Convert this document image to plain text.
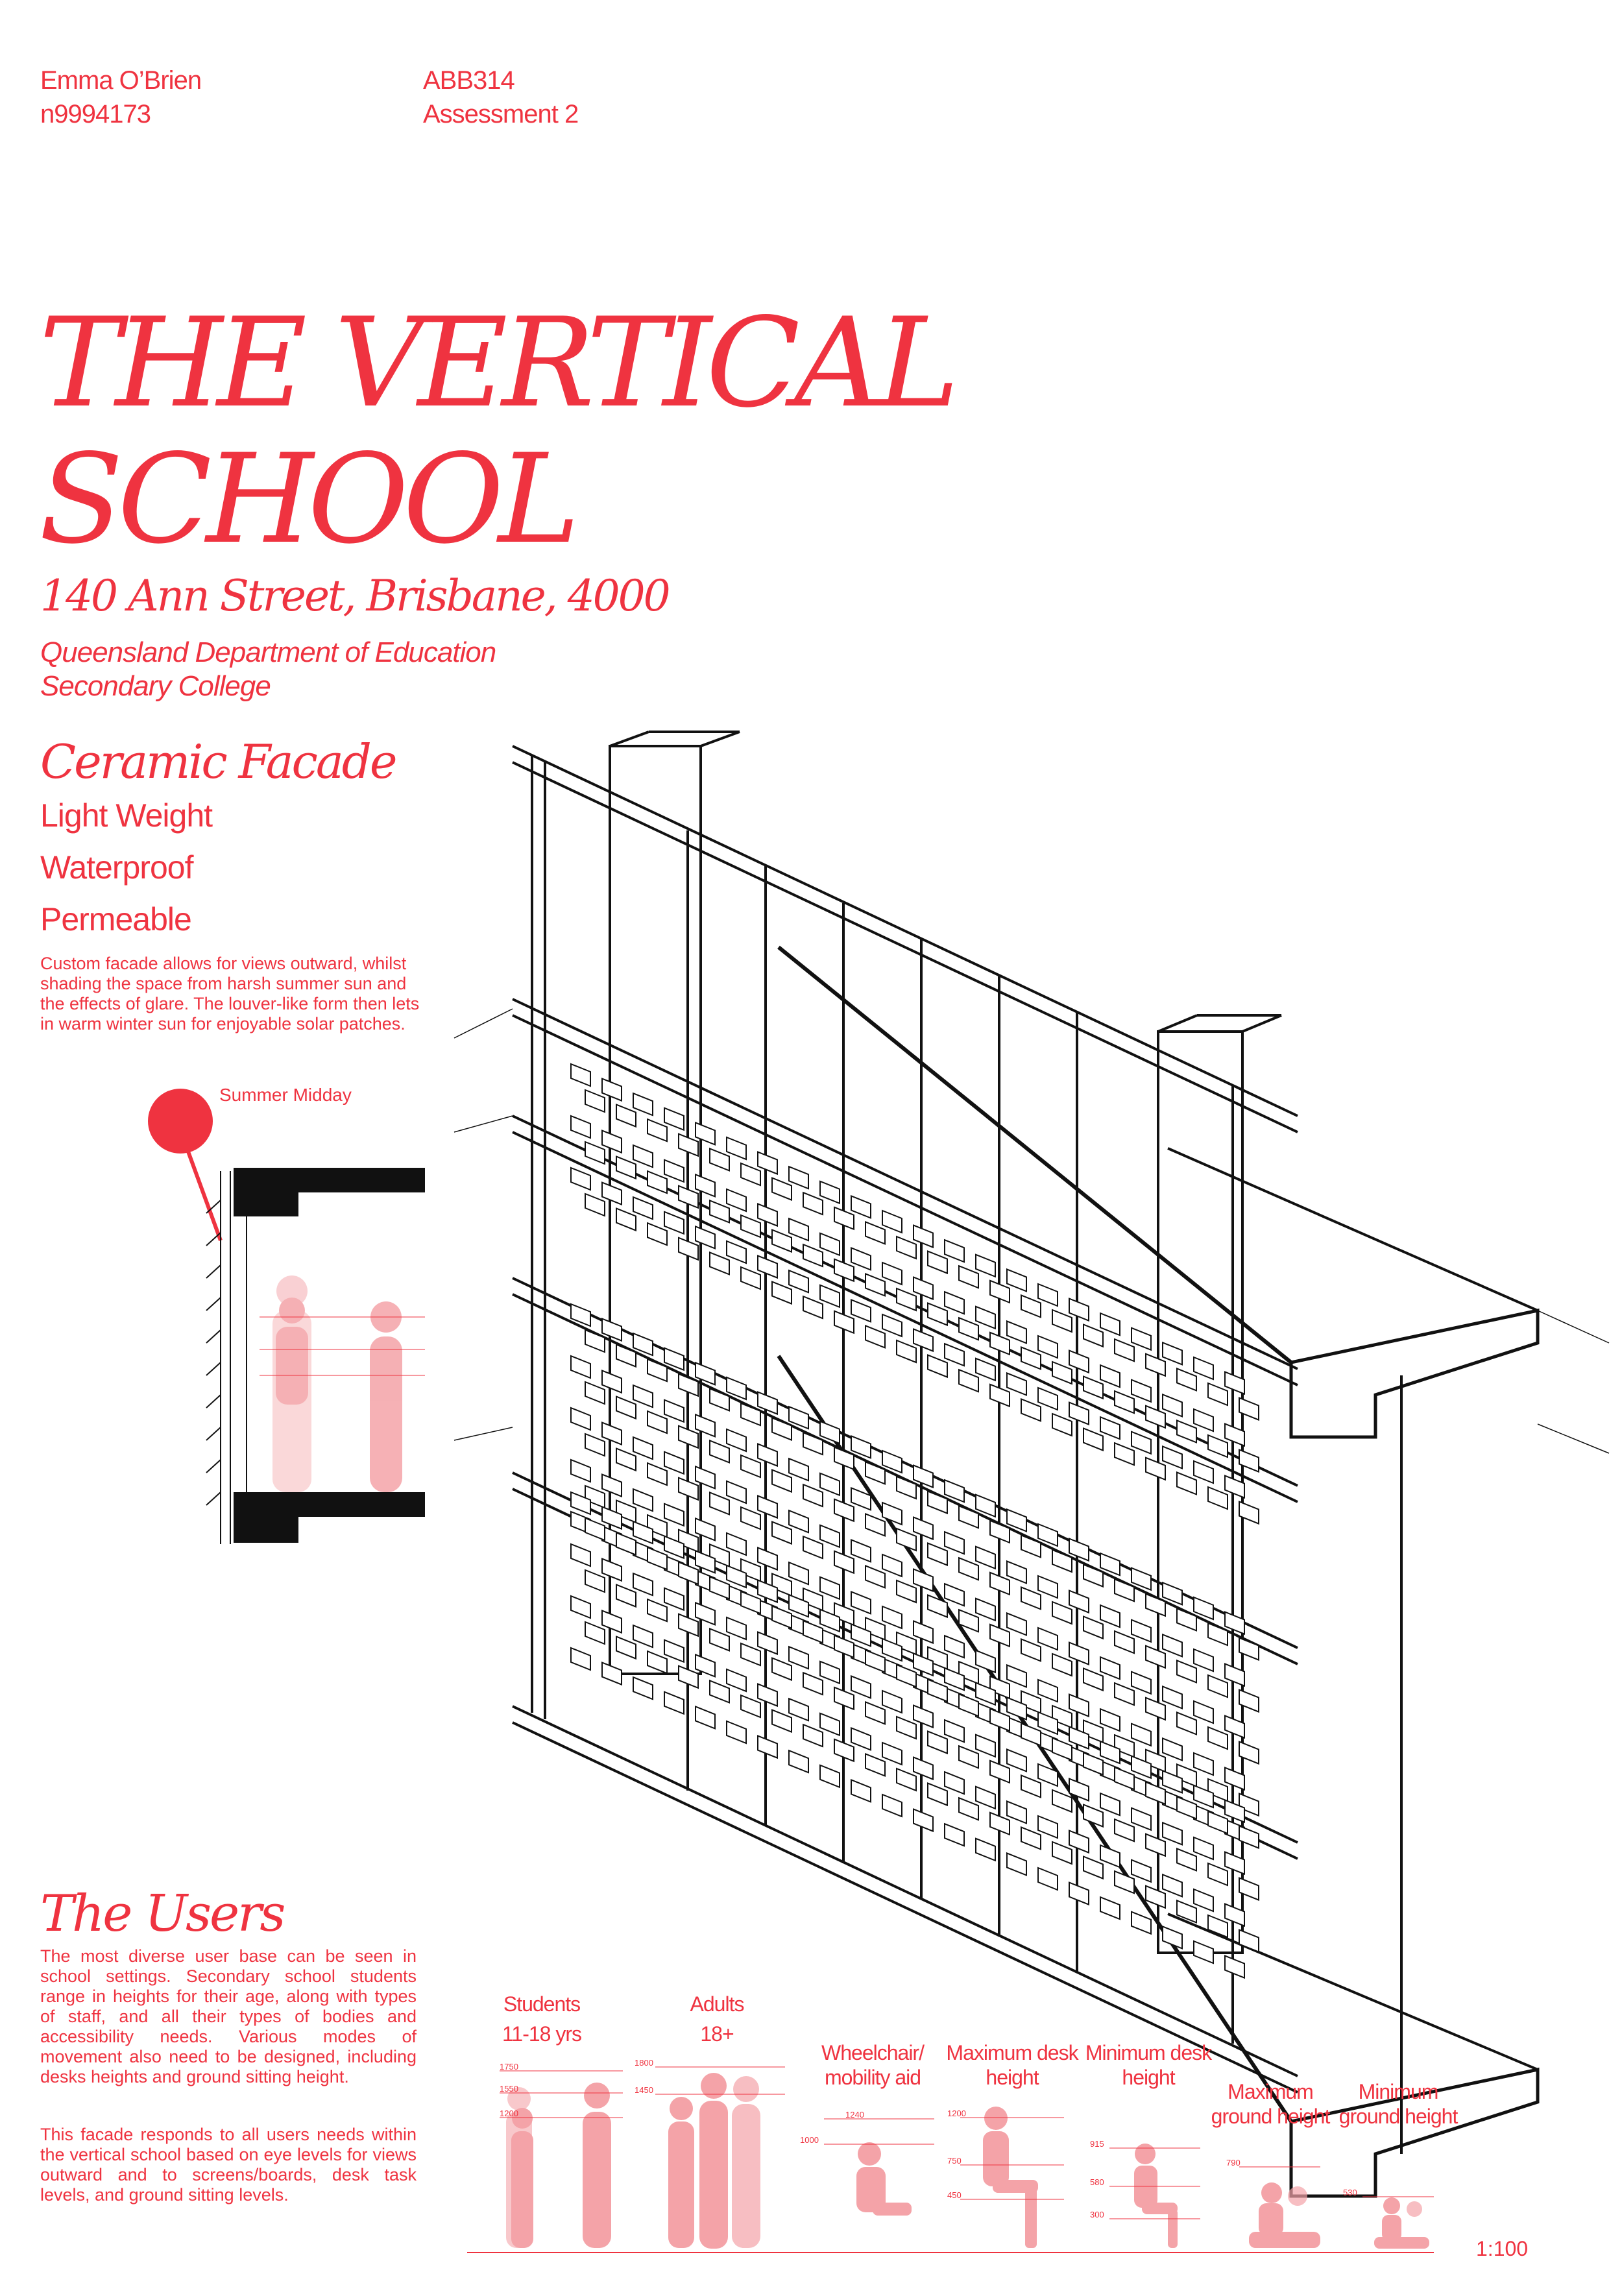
Emma O’Brien
n9994173
ABB314
Assessment 2
THE VERTICAL
SCHOOL
140 Ann Street, Brisbane, 4000
Queensland Department of Education
Secondary College
Ceramic Facade
Light Weight
Waterproof
Permeable
Custom facade allows for views outward, whilst shading the space from harsh summer sun and the effects of glare. The louver-like form then lets in warm winter sun for enjoyable solar patches.
Summer Midday
The Users
The most diverse user base can be seen in school settings. Secondary school students range in heights for their age, along with types of staff, and all their types of bodies and accessibility needs. Various modes of movement also need to be designed, including desks heights and ground sitting height.
This facade responds to all users needs within the vertical school based on eye levels for views outward and to screens/boards, desk task levels, and ground sitting levels.
Students
11-18 yrs
Adults
18+
Wheelchair/
mobility aid
Maximum desk
height
Minimum desk
height
Maximum
ground height
Minimum
ground height
1750
1550
1200
1800
1450
1240
1000
1200
750
450
915
580
300
790
530
1:100
